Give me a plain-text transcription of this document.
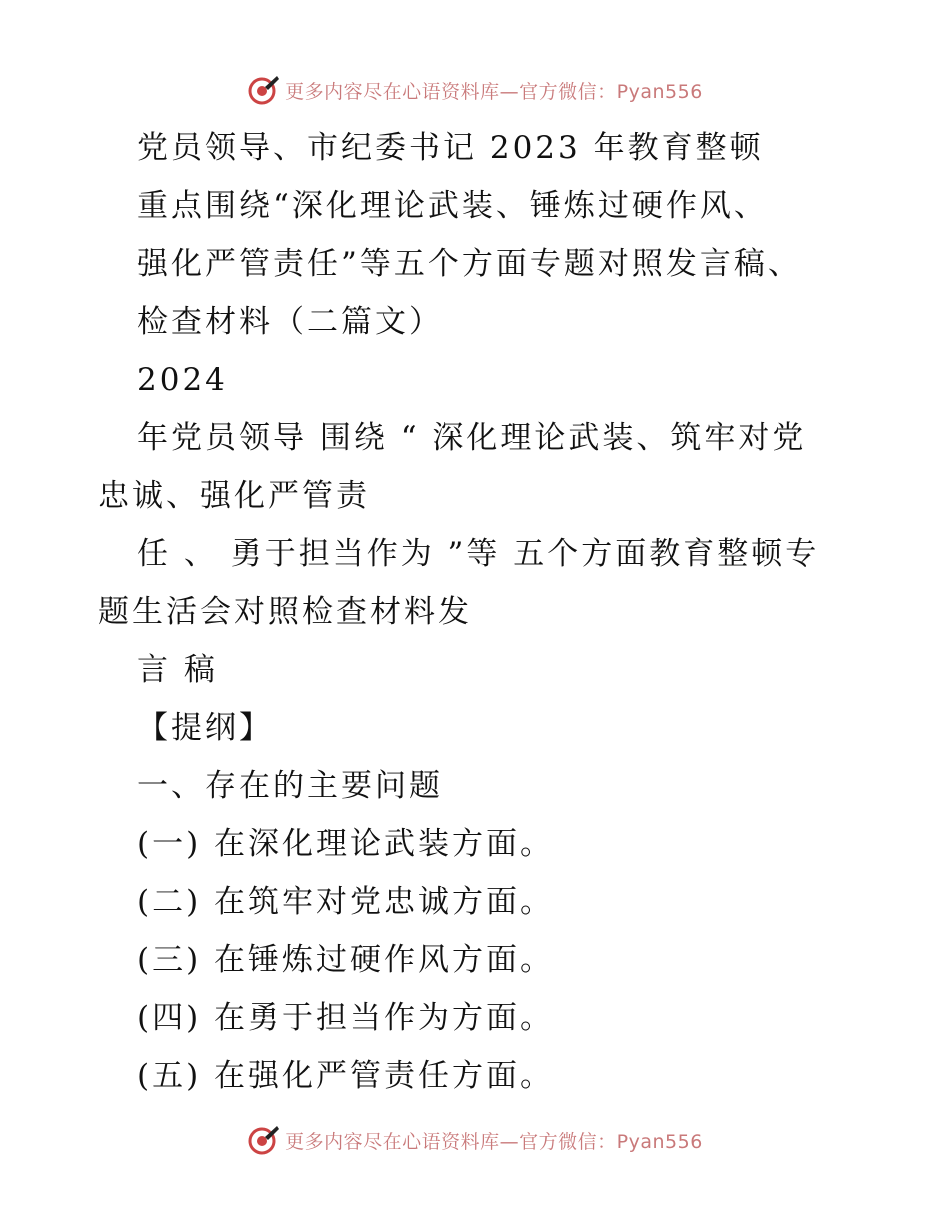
更多内容尽在心语资料库—官方微信：Pyan556
党员领导、市纪委书记 2023 年教育整顿
重点围绕“深化理论武装、锤炼过硬作风、
强化严管责任”等五个方面专题对照发言稿、
检查材料（二篇文）
2024
年党员领导 围绕 “ 深化理论武装、筑牢对党
忠诚、强化严管责
任 、 勇于担当作为 ”等 五个方面教育整顿专
题生活会对照检查材料发
言 稿
【提纲】
一、存在的主要问题
(一) 在深化理论武装方面。
(二) 在筑牢对党忠诚方面。
(三) 在锤炼过硬作风方面。
(四) 在勇于担当作为方面。
(五) 在强化严管责任方面。
更多内容尽在心语资料库—官方微信：Pyan556
